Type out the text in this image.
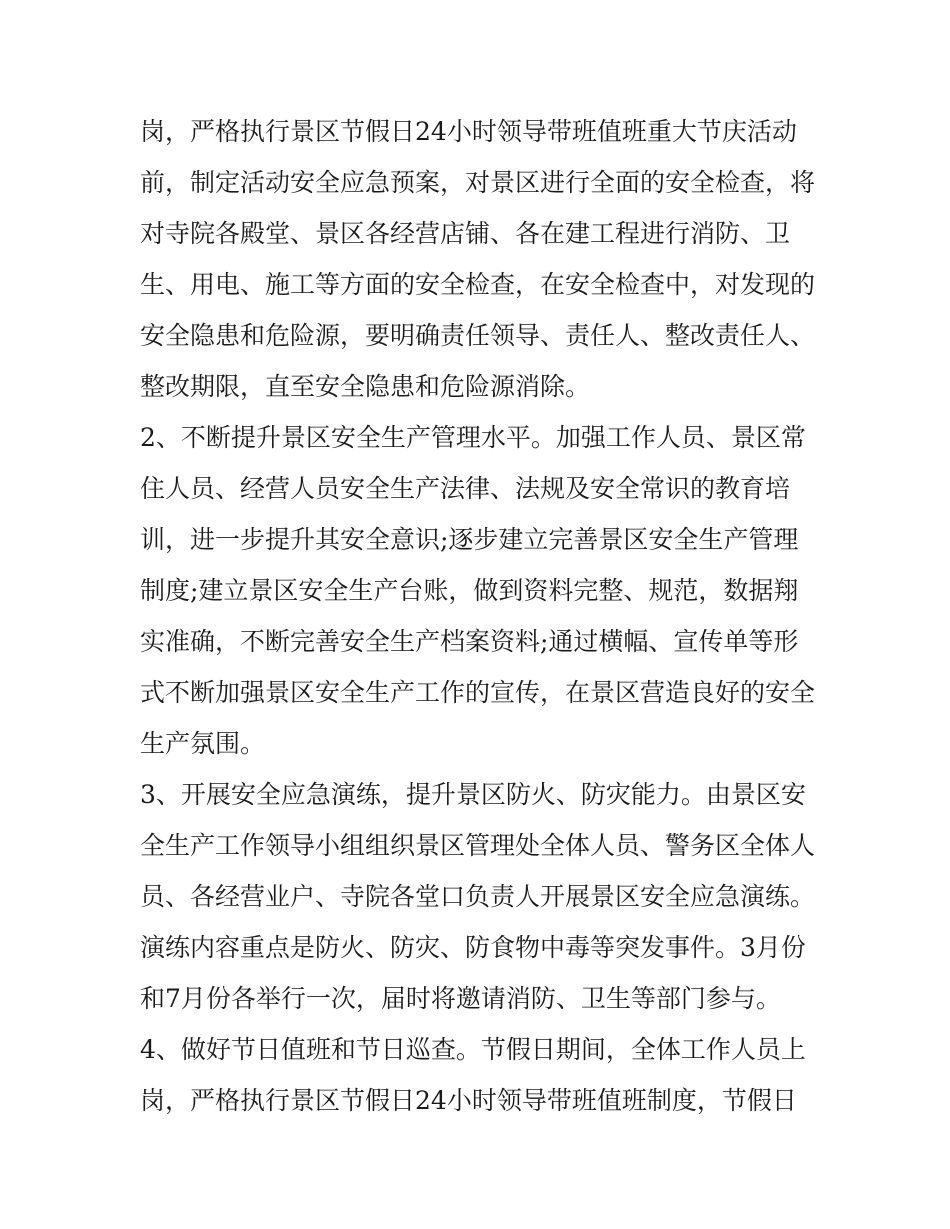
岗，严格执行景区节假日24小时领导带班值班重大节庆活动
前，制定活动安全应急预案，对景区进行全面的安全检查，将
对寺院各殿堂、景区各经营店铺、各在建工程进行消防、卫
生、用电、施工等方面的安全检查，在安全检查中，对发现的
安全隐患和危险源，要明确责任领导、责任人、整改责任人、
整改期限，直至安全隐患和危险源消除。
2、不断提升景区安全生产管理水平。加强工作人员、景区常
住人员、经营人员安全生产法律、法规及安全常识的教育培
训，进一步提升其安全意识;逐步建立完善景区安全生产管理
制度;建立景区安全生产台账，做到资料完整、规范，数据翔
实准确，不断完善安全生产档案资料;通过横幅、宣传单等形
式不断加强景区安全生产工作的宣传，在景区营造良好的安全
生产氛围。
3、开展安全应急演练，提升景区防火、防灾能力。由景区安
全生产工作领导小组组织景区管理处全体人员、警务区全体人
员、各经营业户、寺院各堂口负责人开展景区安全应急演练。
演练内容重点是防火、防灾、防食物中毒等突发事件。3月份
和7月份各举行一次，届时将邀请消防、卫生等部门参与。
4、做好节日值班和节日巡查。节假日期间，全体工作人员上
岗，严格执行景区节假日24小时领导带班值班制度，节假日
